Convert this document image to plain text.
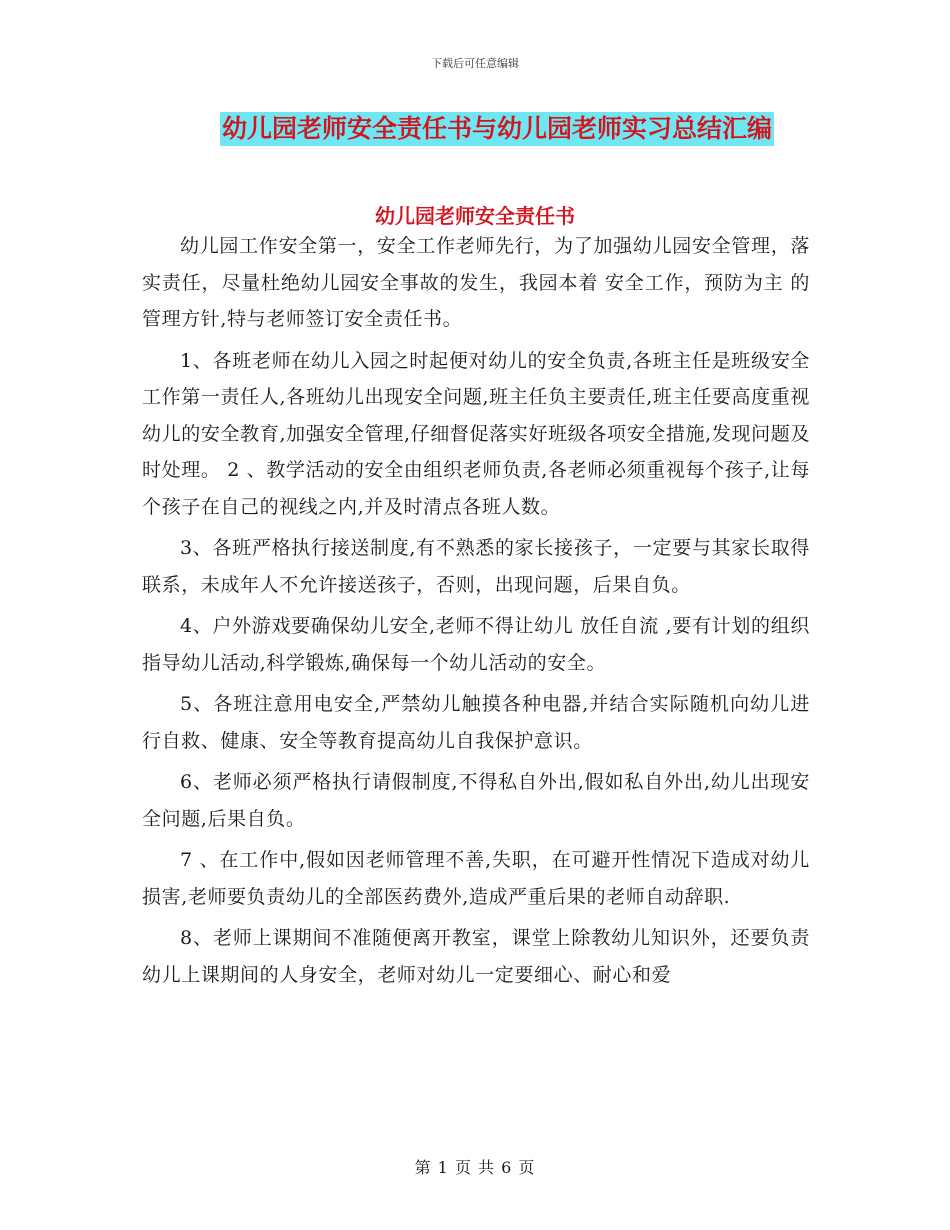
下载后可任意编辑
幼儿园老师安全责任书与幼儿园老师实习总结汇编
幼儿园老师安全责任书

幼儿园工作安全第一，安全工作老师先行，为了加强幼儿园安全管理，落实责任，尽量杜绝幼儿园安全事故的发生，我园本着 安全工作，预防为主 的管理方针,特与老师签订安全责任书。

1、各班老师在幼儿入园之时起便对幼儿的安全负责,各班主任是班级安全工作第一责任人,各班幼儿出现安全问题,班主任负主要责任,班主任要高度重视幼儿的安全教育,加强安全管理,仔细督促落实好班级各项安全措施,发现问题及时处理。 2 、教学活动的安全由组织老师负责,各老师必须重视每个孩子,让每个孩子在自己的视线之内,并及时清点各班人数。

3、各班严格执行接送制度,有不熟悉的家长接孩子，一定要与其家长取得联系，未成年人不允许接送孩子，否则，出现问题，后果自负。

4、户外游戏要确保幼儿安全,老师不得让幼儿 放任自流 ,要有计划的组织指导幼儿活动,科学锻炼,确保每一个幼儿活动的安全。

5、各班注意用电安全,严禁幼儿触摸各种电器,并结合实际随机向幼儿进行自救、健康、安全等教育提高幼儿自我保护意识。

6、老师必须严格执行请假制度,不得私自外出,假如私自外出,幼儿出现安全问题,后果自负。

7 、在工作中,假如因老师管理不善,失职，在可避开性情况下造成对幼儿损害,老师要负责幼儿的全部医药费外,造成严重后果的老师自动辞职.

8、老师上课期间不准随便离开教室，课堂上除教幼儿知识外，还要负责幼儿上课期间的人身安全，老师对幼儿一定要细心、耐心和爱

第 1 页 共 6 页
